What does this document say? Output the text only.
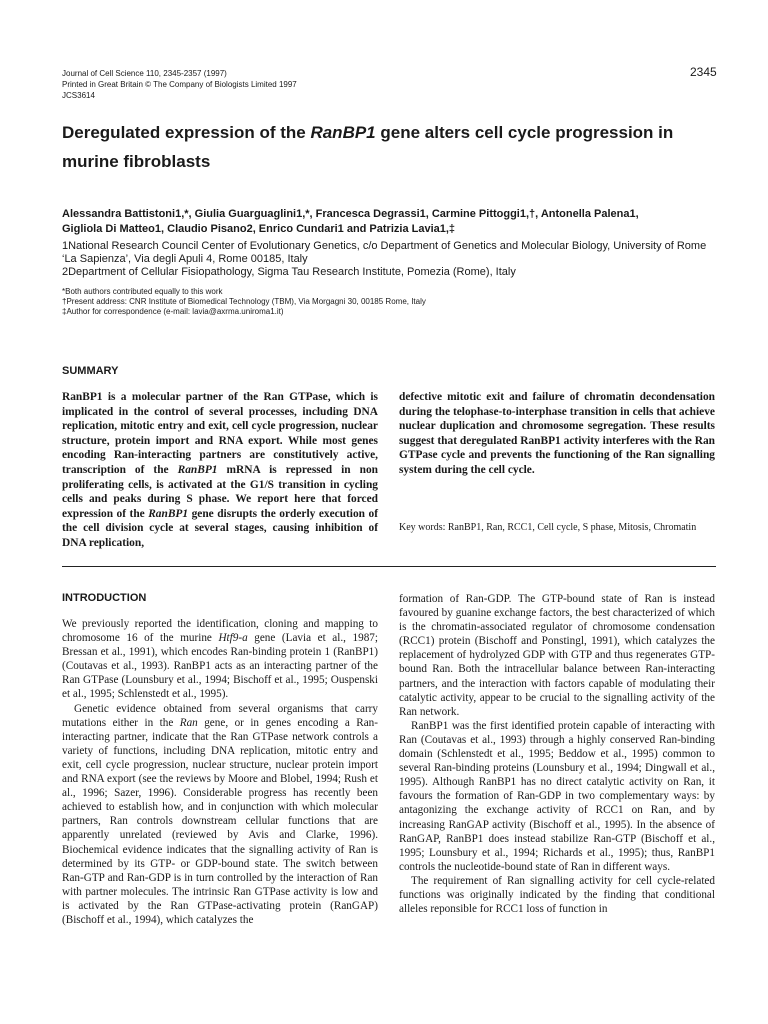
Journal of Cell Science 110, 2345-2357 (1997)
Printed in Great Britain © The Company of Biologists Limited 1997
JCS3614
2345
Deregulated expression of the RanBP1 gene alters cell cycle progression in murine fibroblasts
Alessandra Battistoni1,*, Giulia Guarguaglini1,*, Francesca Degrassi1, Carmine Pittoggi1,†, Antonella Palena1,
Gigliola Di Matteo1, Claudio Pisano2, Enrico Cundari1 and Patrizia Lavia1,‡
1National Research Council Center of Evolutionary Genetics, c/o Department of Genetics and Molecular Biology, University of Rome ‘La Sapienza’, Via degli Apuli 4, Rome 00185, Italy
2Department of Cellular Fisiopathology, Sigma Tau Research Institute, Pomezia (Rome), Italy
*Both authors contributed equally to this work
†Present address: CNR Institute of Biomedical Technology (TBM), Via Morgagni 30, 00185 Rome, Italy
‡Author for correspondence (e-mail: lavia@axrma.uniroma1.it)
SUMMARY

RanBP1 is a molecular partner of the Ran GTPase, which is implicated in the control of several processes, including DNA replication, mitotic entry and exit, cell cycle progression, nuclear structure, protein import and RNA export. While most genes encoding Ran-interacting partners are constitutively active, transcription of the RanBP1 mRNA is repressed in non proliferating cells, is activated at the G1/S transition in cycling cells and peaks during S phase. We report here that forced expression of the RanBP1 gene disrupts the orderly execution of the cell division cycle at several stages, causing inhibition of DNA replication,

defective mitotic exit and failure of chromatin decondensation during the telophase-to-interphase transition in cells that achieve nuclear duplication and chromosome segregation. These results suggest that deregulated RanBP1 activity interferes with the Ran GTPase cycle and prevents the functioning of the Ran signalling system during the cell cycle.

Key words: RanBP1, Ran, RCC1, Cell cycle, S phase, Mitosis, Chromatin
INTRODUCTION

We previously reported the identification, cloning and mapping to chromosome 16 of the murine Htf9-a gene (Lavia et al., 1987; Bressan et al., 1991), which encodes Ran-binding protein 1 (RanBP1) (Coutavas et al., 1993). RanBP1 acts as an interacting partner of the Ran GTPase (Lounsbury et al., 1994; Bischoff et al., 1995; Ouspenski et al., 1995; Schlenstedt et al., 1995).

Genetic evidence obtained from several organisms that carry mutations either in the Ran gene, or in genes encoding a Ran-interacting partner, indicate that the Ran GTPase network controls a variety of functions, including DNA replication, mitotic entry and exit, cell cycle progression, nuclear structure, nuclear protein import and RNA export (see the reviews by Moore and Blobel, 1994; Rush et al., 1996; Sazer, 1996). Considerable progress has recently been achieved to establish how, and in conjunction with which molecular partners, Ran controls downstream cellular functions that are apparently unrelated (reviewed by Avis and Clarke, 1996). Biochemical evidence indicates that the signalling activity of Ran is determined by its GTP- or GDP-bound state. The switch between Ran-GTP and Ran-GDP is in turn controlled by the interaction of Ran with partner molecules. The intrinsic Ran GTPase activity is low and is activated by the Ran GTPase-activating protein (RanGAP) (Bischoff et al., 1994), which catalyzes the

formation of Ran-GDP. The GTP-bound state of Ran is instead favoured by guanine exchange factors, the best characterized of which is the chromatin-associated regulator of chromosome condensation (RCC1) protein (Bischoff and Ponstingl, 1991), which catalyzes the replacement of hydrolyzed GDP with GTP and thus regenerates GTP-bound Ran. Both the intracellular balance between Ran-interacting partners, and the interaction with factors capable of modulating their catalytic activity, appear to be crucial to the signalling activity of the Ran network.

RanBP1 was the first identified protein capable of interacting with Ran (Coutavas et al., 1993) through a highly conserved Ran-binding domain (Schlenstedt et al., 1995; Beddow et al., 1995) common to several Ran-binding proteins (Lounsbury et al., 1994; Dingwall et al., 1995). Although RanBP1 has no direct catalytic activity on Ran, it favours the formation of Ran-GDP in two complementary ways: by antagonizing the exchange activity of RCC1 on Ran, and by increasing RanGAP activity (Bischoff et al., 1995). In the absence of RanGAP, RanBP1 does instead stabilize Ran-GTP (Bischoff et al., 1995; Lounsbury et al., 1994; Richards et al., 1995); thus, RanBP1 controls the nucleotide-bound state of Ran in different ways.

The requirement of Ran signalling activity for cell cycle-related functions was originally indicated by the finding that conditional alleles reponsible for RCC1 loss of function in
